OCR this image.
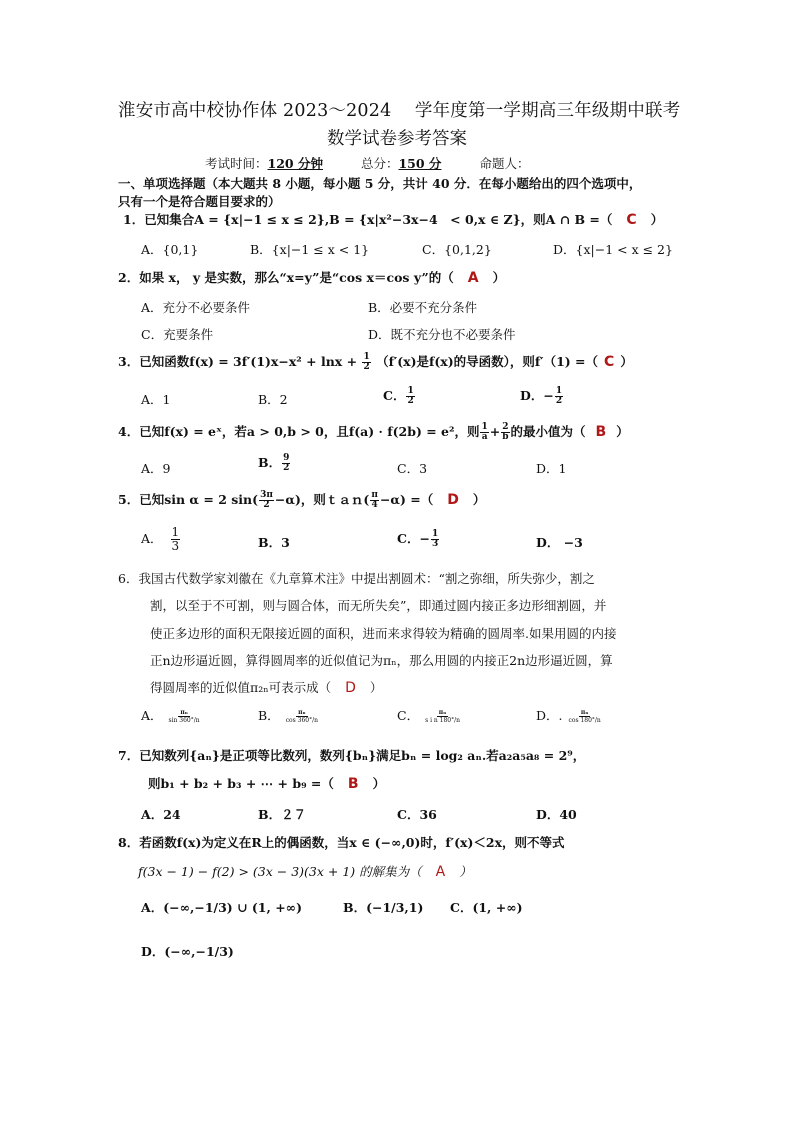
淮安市高中校协作体 2023～2024　 学年度第一学期高三年级期中联考
数学试卷参考答案
考试时间：120 分钟	总分：150 分	命题人：
一、单项选择题（本大题共 8 小题，每小题 5 分，共计 40 分．在每小题给出的四个选项中，
只有一个是符合题目要求的）
1．已知集合A = {x|−1 ≤ x ≤ 2},B = {x|x²−3x−4　< 0,x ∈ Z}，则A ∩ B =（ C ）
A．{0,1}	B．{x|−1 ≤ x < 1}	C．{0,1,2}	D．{x|−1 < x ≤ 2}
2．如果 x， y 是实数，那么“x=y”是“cos x＝cos y”的（ A ）
A．充分不必要条件	B．必要不充分条件
C．充要条件	D．既不充分也不必要条件
3．已知函数$f(x) = 3f'(1)x-x^2 + \ln x + \frac{1}{2} (f'(x)$是f(x)的导函数），则f′（1) =（ C ）
A．1	B．2	C． $\frac{1}{2}$	D．− $\frac{1}{2}$
4．已知f(x) = eˣ，若a > 0,b > 0，且f(a) · f(2b) = e²，则 $\frac{1}{a} + \frac{2}{b}$ 的最小值为（ B ）
A．9	B． $\frac{9}{2}$	C．3	D．1
5．已知sin α = 2 $\sin( \frac{3\pi}{2} -\alpha)$，则ｔａｎ( $\frac{\pi}{4} -\alpha$) =（ D ）
A． $\frac{1}{3}$	B．3	C．− $\frac{1}{3}$	D． −3
6．我国古代数学家刘徽在《九章算术注》中提出割圆术：“割之弥细，所失弥少，割之
割，以至于不可割，则与圆合体，而无所失矣”，即通过圆内接正多边形细割圆，并
使正多边形的面积无限接近圆的面积，进而来求得较为精确的圆周率.如果用圆的内接
正n边形逼近圆，算得圆周率的近似值记为πₙ，那么用圆的内接正2n边形逼近圆，算
得圆周率的近似值π₂ₙ可表示成（ D ）
A． $\frac{\text{πₙ}}{\sin 360^\circ/n}$	B． $\frac{\text{πₙ}}{\cos 360^\circ/n}$	C． $\frac{\text{πₙ}}{\text{s i n 180°/n}}$	D．. $\frac{\text{πₙ}}{\cos 180^\circ/n}$
7．已知数列{aₙ}是正项等比数列，数列{bₙ}满足bₙ = log₂ aₙ.若a₂a₅a₈ = 2⁹，
则b₁ + b₂ + b₃ + ⋯ + b₉ =（ B ）
A．24	B．２７	C．36	D．40
8．若函数f(x)为定义在R上的偶函数，当x ∈ (−∞,0)时，f′(x)＜2x，则不等式
f(3x − 1) − f(2) > (3x − 3)(3x + 1) 的解集为（ A ）
A．(−∞,−1/3) ∪ (1, +∞)	B．(−1/3,1) C．(1, +∞)
D．(−∞,−1/3)
